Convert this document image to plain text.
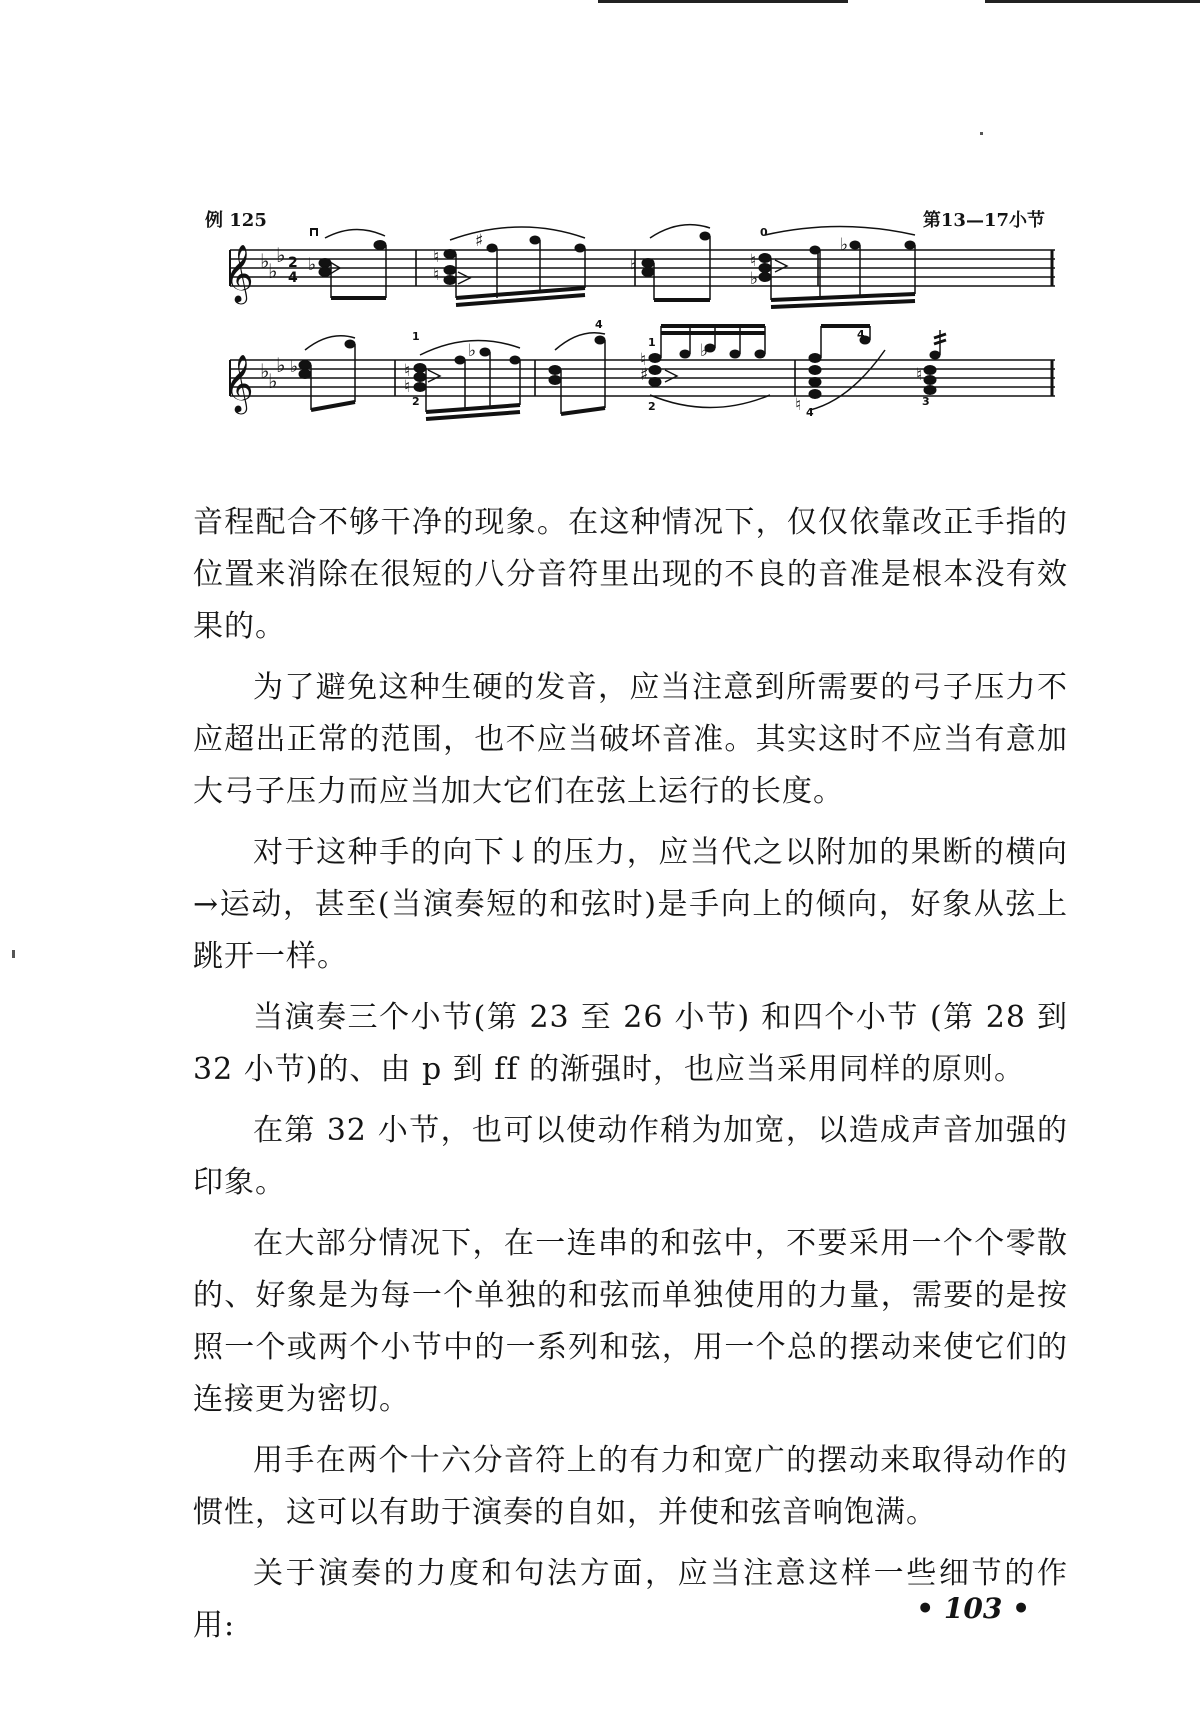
例 125	第13—17小节
𝄞
𝄞
♭
♭
♭
♭
♭
♭
2
4
♭	♮
♮	♮	♮
♭
♭	♮
♮
♮
♯
♮
♮
♯	♭
♭
♭
0
4
1
2
4
1
4
2	3

音程配合不够干净的现象。在这种情况下，仅仅依靠改正手指的位置来消除在很短的八分音符里出现的不良的音准是根本没有效果的。

为了避免这种生硬的发音，应当注意到所需要的弓子压力不应超出正常的范围，也不应当破坏音准。其实这时不应当有意加大弓子压力而应当加大它们在弦上运行的长度。

对于这种手的向下↓的压力，应当代之以附加的果断的横向→运动，甚至(当演奏短的和弦时)是手向上的倾向，好象从弦上跳开一样。

当演奏三个小节(第 23 至 26 小节) 和四个小节 (第 28 到 32 小节)的、由 p 到 ff 的渐强时，也应当采用同样的原则。

在第 32 小节，也可以使动作稍为加宽，以造成声音加强的印象。

在大部分情况下，在一连串的和弦中，不要采用一个个零散的、好象是为每一个单独的和弦而单独使用的力量，需要的是按照一个或两个小节中的一系列和弦，用一个总的摆动来使它们的连接更为密切。

用手在两个十六分音符上的有力和宽广的摆动来取得动作的惯性，这可以有助于演奏的自如，并使和弦音响饱满。

关于演奏的力度和句法方面，应当注意这样一些细节的作用:	• 103 •
